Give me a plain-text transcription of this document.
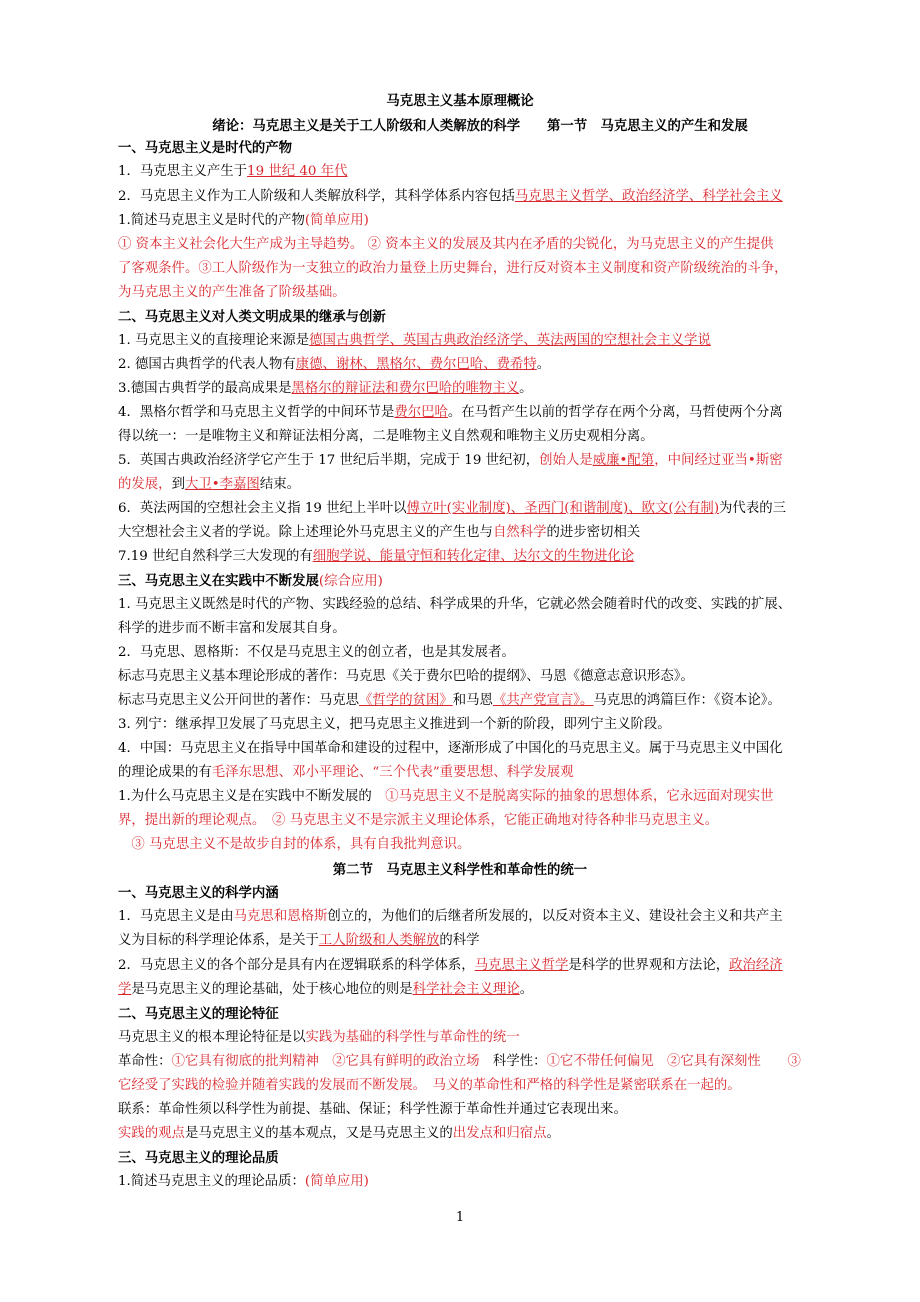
马克思主义基本原理概论
绪论：马克思主义是关于工人阶级和人类解放的科学　　第一节　马克思主义的产生和发展
一、马克思主义是时代的产物
1．马克思主义产生于19 世纪 40 年代
2．马克思主义作为工人阶级和人类解放科学，其科学体系内容包括马克思主义哲学、政治经济学、科学社会主义
1.简述马克思主义是时代的产物(简单应用)
① 资本主义社会化大生产成为主导趋势。 ② 资本主义的发展及其内在矛盾的尖锐化，为马克思主义的产生提供
了客观条件。③工人阶级作为一支独立的政治力量登上历史舞台，进行反对资本主义制度和资产阶级统治的斗争，
为马克思主义的产生准备了阶级基础。
二、马克思主义对人类文明成果的继承与创新
1. 马克思主义的直接理论来源是德国古典哲学、英国古典政治经济学、英法两国的空想社会主义学说
2. 德国古典哲学的代表人物有康德、谢林、黑格尔、费尔巴哈、费希特。
3.德国古典哲学的最高成果是黑格尔的辩证法和费尔巴哈的唯物主义。
4．黑格尔哲学和马克思主义哲学的中间环节是费尔巴哈。在马哲产生以前的哲学存在两个分离，马哲使两个分离
得以统一：一是唯物主义和辩证法相分离，二是唯物主义自然观和唯物主义历史观相分离。
5．英国古典政治经济学它产生于 17 世纪后半期，完成于 19 世纪初，创始人是威廉•配第，中间经过亚当•斯密
的发展，到大卫•李嘉图结束。
6．英法两国的空想社会主义指 19 世纪上半叶以傅立叶(实业制度)、圣西门(和谐制度)、欧文(公有制)为代表的三
大空想社会主义者的学说。除上述理论外马克思主义的产生也与自然科学的进步密切相关
7.19 世纪自然科学三大发现的有细胞学说、能量守恒和转化定律、达尔文的生物进化论
三、马克思主义在实践中不断发展(综合应用)
1. 马克思主义既然是时代的产物、实践经验的总结、科学成果的升华，它就必然会随着时代的改变、实践的扩展、
科学的进步而不断丰富和发展其自身。
2．马克思、恩格斯：不仅是马克思主义的创立者，也是其发展者。
标志马克思主义基本理论形成的著作：马克思《关于费尔巴哈的提纲》、马恩《德意志意识形态》。
标志马克思主义公开问世的著作：马克思《哲学的贫困》和马恩《共产党宣言》。马克思的鸿篇巨作：《资本论》。
3. 列宁：继承捍卫发展了马克思主义，把马克思主义推进到一个新的阶段，即列宁主义阶段。
4．中国：马克思主义在指导中国革命和建设的过程中，逐渐形成了中国化的马克思主义。属于马克思主义中国化
的理论成果的有毛泽东思想、邓小平理论、“三个代表”重要思想、科学发展观
1.为什么马克思主义是在实践中不断发展的　①马克思主义不是脱离实际的抽象的思想体系，它永远面对现实世
界，提出新的理论观点。　② 马克思主义不是宗派主义理论体系，它能正确地对待各种非马克思主义。
　③ 马克思主义不是故步自封的体系，具有自我批判意识。
第二节　马克思主义科学性和革命性的统一
一、马克思主义的科学内涵
1．马克思主义是由马克思和恩格斯创立的，为他们的后继者所发展的，以反对资本主义、建设社会主义和共产主
义为目标的科学理论体系，是关于工人阶级和人类解放的科学
2．马克思主义的各个部分是具有内在逻辑联系的科学体系，马克思主义哲学是科学的世界观和方法论，政治经济
学是马克思主义的理论基础，处于核心地位的则是科学社会主义理论。
二、马克思主义的理论特征
马克思主义的根本理论特征是以实践为基础的科学性与革命性的统一
革命性：①它具有彻底的批判精神　②它具有鲜明的政治立场　科学性：①它不带任何偏见　②它具有深刻性　　③
它经受了实践的检验并随着实践的发展而不断发展。　马义的革命性和严格的科学性是紧密联系在一起的。
联系：革命性须以科学性为前提、基础、保证；科学性源于革命性并通过它表现出来。
实践的观点是马克思主义的基本观点，又是马克思主义的出发点和归宿点。
三、马克思主义的理论品质
1.简述马克思主义的理论品质：(简单应用)
1
